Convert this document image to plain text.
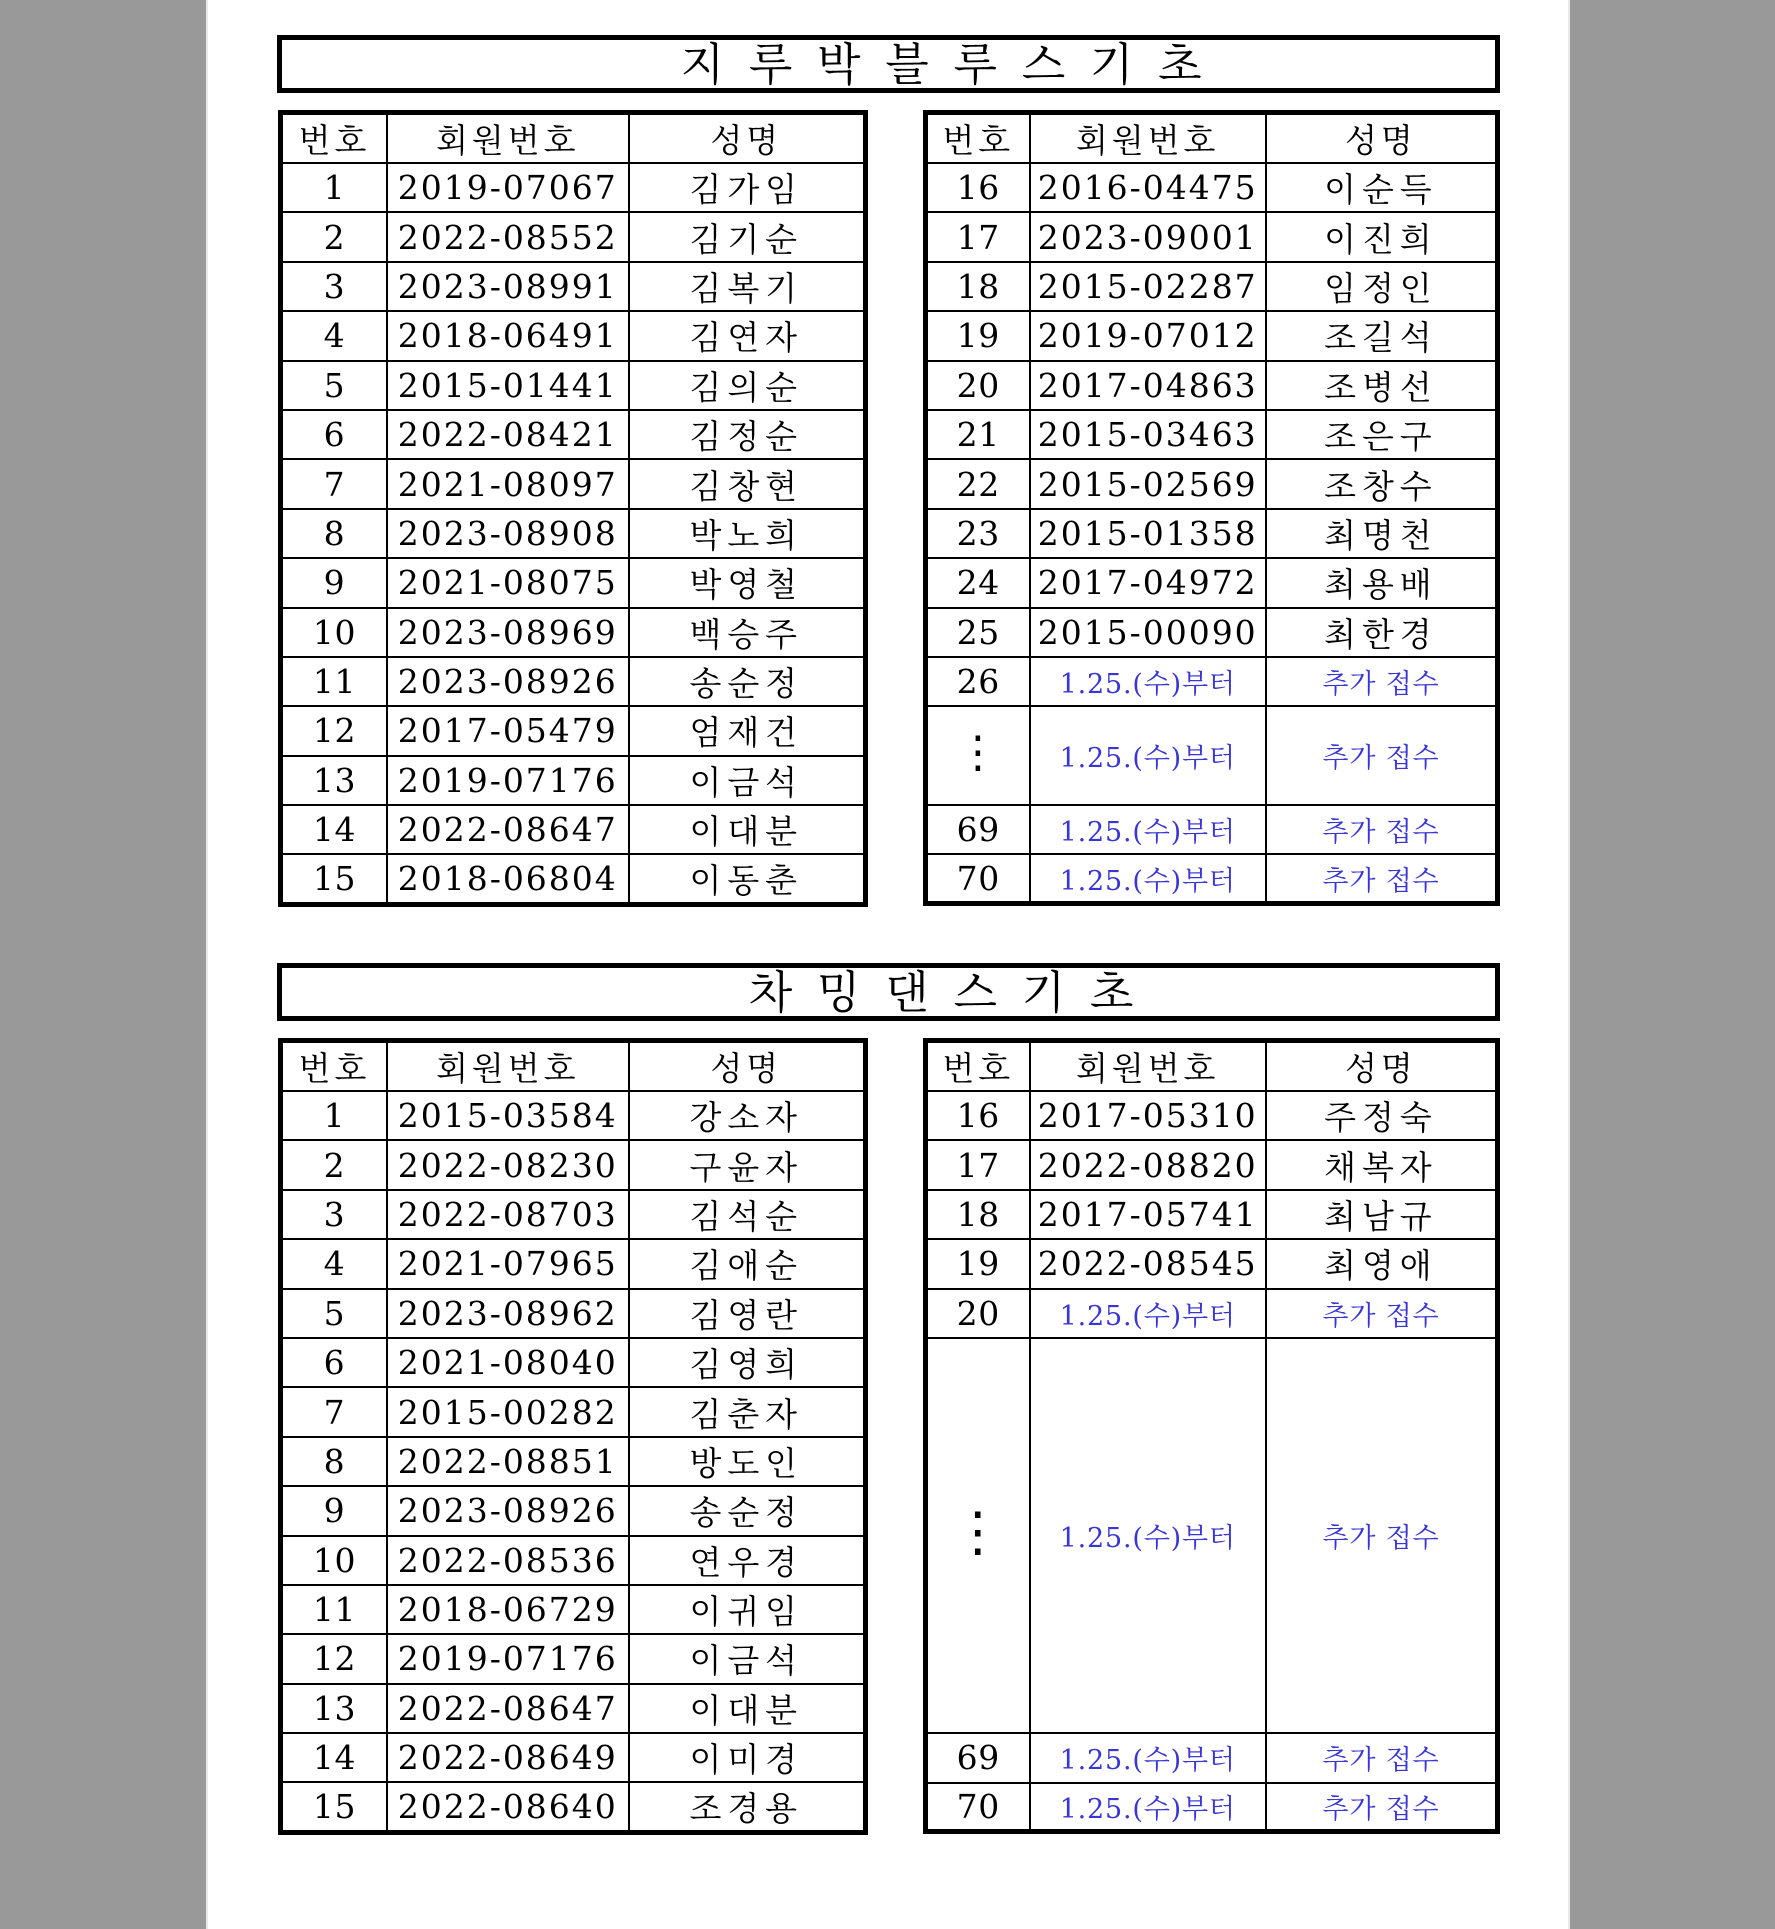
지루박블루스기초
번호	회원번호	성명
1	2019-07067	김가임
2	2022-08552	김기순
3	2023-08991	김복기
4	2018-06491	김연자
5	2015-01441	김의순
6	2022-08421	김정순
7	2021-08097	김창현
8	2023-08908	박노희
9	2021-08075	박영철
10	2023-08969	백승주
11	2023-08926	송순정
12	2017-05479	엄재건
13	2019-07176	이금석
14	2022-08647	이대분
15	2018-06804	이동춘
번호	회원번호	성명
16	2016-04475	이순득
17	2023-09001	이진희
18	2015-02287	임정인
19	2019-07012	조길석
20	2017-04863	조병선
21	2015-03463	조은구
22	2015-02569	조창수
23	2015-01358	최명천
24	2017-04972	최용배
25	2015-00090	최한경
26	1.25.(수)부터	추가 접수
⋮	1.25.(수)부터	추가 접수
69	1.25.(수)부터	추가 접수
70	1.25.(수)부터	추가 접수
차밍댄스기초
번호	회원번호	성명
1	2015-03584	강소자
2	2022-08230	구윤자
3	2022-08703	김석순
4	2021-07965	김애순
5	2023-08962	김영란
6	2021-08040	김영희
7	2015-00282	김춘자
8	2022-08851	방도인
9	2023-08926	송순정
10	2022-08536	연우경
11	2018-06729	이귀임
12	2019-07176	이금석
13	2022-08647	이대분
14	2022-08649	이미경
15	2022-08640	조경용
번호	회원번호	성명
16	2017-05310	주정숙
17	2022-08820	채복자
18	2017-05741	최남규
19	2022-08545	최영애
20	1.25.(수)부터	추가 접수
⋮	1.25.(수)부터	추가 접수
69	1.25.(수)부터	추가 접수
70	1.25.(수)부터	추가 접수
